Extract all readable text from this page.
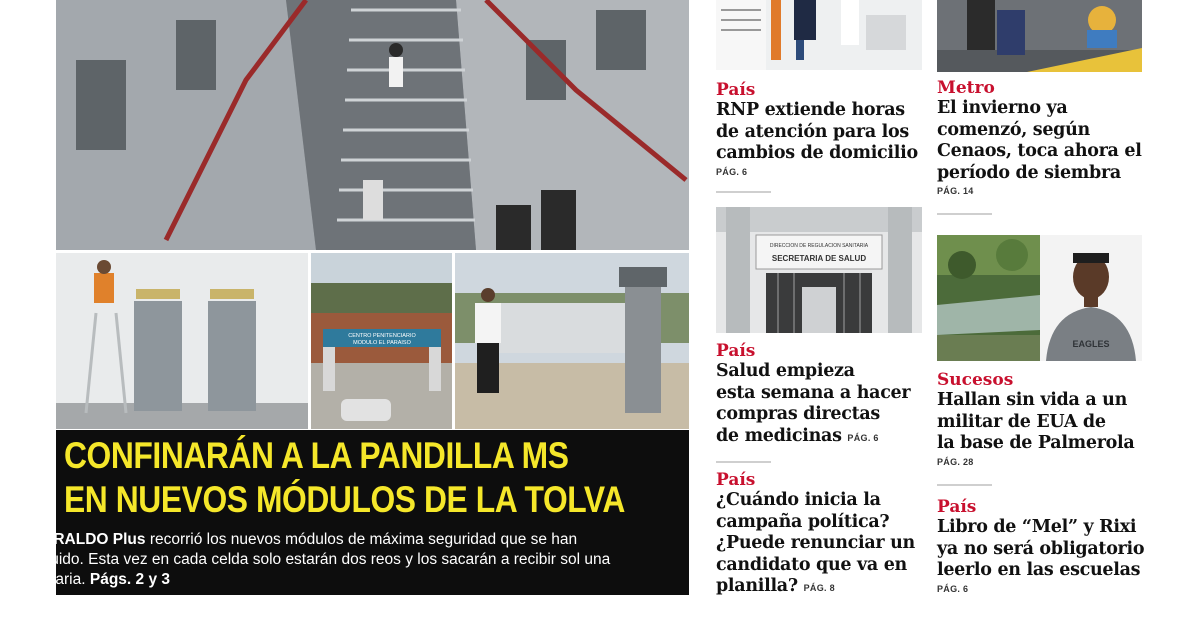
CENTRO PENITENCIARIO
MODULO EL PARAISO
CONFINARÁN A LA PANDILLA MS
EN NUEVOS MÓDULOS DE LA TOLVA
EL HERALDO Plus recorrió los nuevos módulos de máxima seguridad que se han construido. Esta vez en cada celda solo estarán dos reos y los sacarán a recibir sol una hora diaria. Págs. 2 y 3
DIRECCION DE REGULACION SANITARIA
SECRETARIA DE SALUD
EAGLES
País
RNP extiende horas
de atención para los
cambios de domicilio
PÁG. 6
Metro
El invierno ya
comenzó, según
Cenaos, toca ahora el
período de siembra
PÁG. 14
País
Salud empieza
esta semana a hacer
compras directas
de medicinas PÁG. 6
Sucesos
Hallan sin vida a un
militar de EUA de
la base de Palmerola
PÁG. 28
País
¿Cuándo inicia la
campaña política?
¿Puede renunciar un
candidato que va en
planilla? PÁG. 8
País
Libro de “Mel” y Rixi
ya no será obligatorio
leerlo en las escuelas
PÁG. 6
